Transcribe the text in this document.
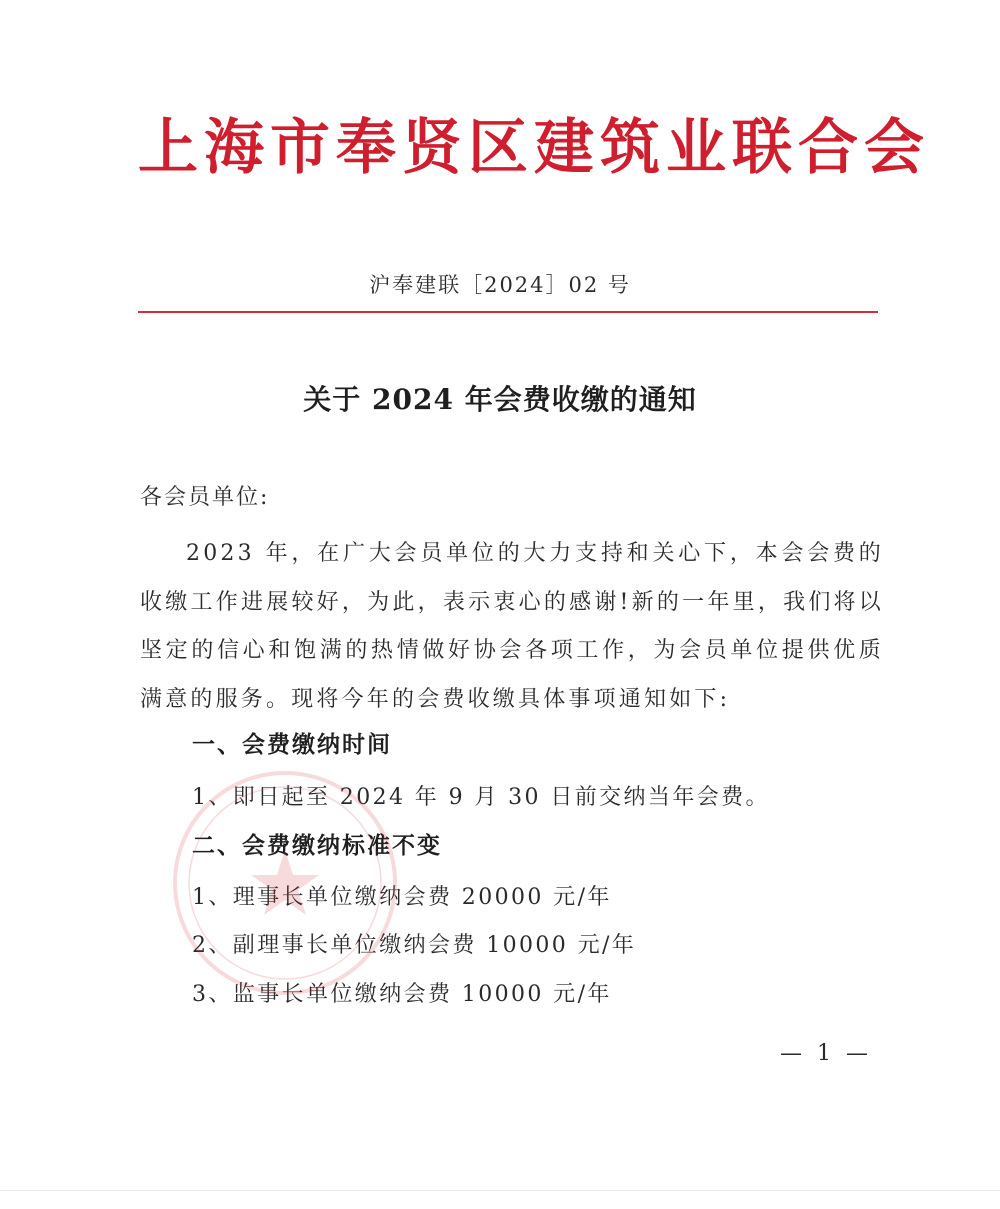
上海市奉贤区建筑业联合会
沪奉建联［2024］02 号
关于 2024 年会费收缴的通知
各会员单位:
2023 年，在广大会员单位的大力支持和关心下，本会会费的收缴工作进展较好，为此，表示衷心的感谢!新的一年里，我们将以坚定的信心和饱满的热情做好协会各项工作，为会员单位提供优质满意的服务。现将今年的会费收缴具体事项通知如下:
一、会费缴纳时间
1、即日起至 2024 年 9 月 30 日前交纳当年会费。
二、会费缴纳标准不变
1、理事长单位缴纳会费 20000 元/年
2、副理事长单位缴纳会费 10000 元/年
3、监事长单位缴纳会费 10000 元/年
— 1 —
